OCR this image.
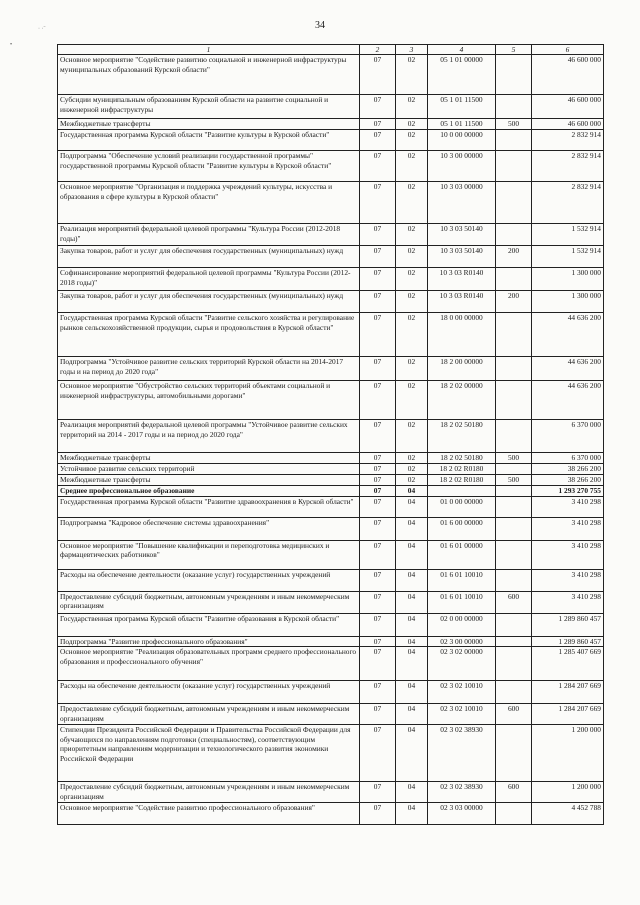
34
· ·ˉ
•	1	2	3	4	5	6
Основное мероприятие "Содействие развитию социальной и инженерной инфраструктуры муниципальных образований Курской области"	07	02	05 1 01 00000		46 600 000
Субсидии муниципальным образованиям Курской области на развитие социальной и инженерной инфраструктуры	07	02	05 1 01 11500		46 600 000
Межбюджетные трансферты	07	02	05 1 01 11500	500	46 600 000
Государственная программа Курской области "Развитие культуры в Курской области"	07	02	10 0 00 00000		2 832 914
Подпрограмма "Обеспечение условий реализации государственной программы" государственной программы Курской области "Развитие культуры в Курской области"	07	02	10 3 00 00000		2 832 914
Основное мероприятие "Организация и поддержка учреждений культуры, искусства и образования в сфере культуры в Курской области"	07	02	10 3 03 00000		2 832 914
Реализация мероприятий федеральной целевой программы "Культура России (2012-2018 годы)"	07	02	10 3 03 50140		1 532 914
Закупка товаров, работ и услуг для обеспечения государственных (муниципальных) нужд	07	02	10 3 03 50140	200	1 532 914
Софинансирование мероприятий федеральной целевой программы "Культура России (2012-2018 годы)"	07	02	10 3 03 R0140		1 300 000
Закупка товаров, работ и услуг для обеспечения государственных (муниципальных) нужд	07	02	10 3 03 R0140	200	1 300 000
Государственная программа Курской области "Развитие сельского хозяйства и регулирование рынков сельскохозяйственной продукции, сырья и продовольствия в Курской области"	07	02	18 0 00 00000		44 636 200
Подпрограмма "Устойчивое развитие сельских территорий Курской области на 2014-2017 годы и на период до 2020 года"	07	02	18 2 00 00000		44 636 200
Основное мероприятие "Обустройство сельских территорий объектами социальной и инженерной инфраструктуры, автомобильными дорогами"	07	02	18 2 02 00000		44 636 200
Реализация мероприятий федеральной целевой программы "Устойчивое развитие сельских территорий на 2014 - 2017 годы и на период до 2020 года"	07	02	18 2 02 50180		6 370 000
Межбюджетные трансферты	07	02	18 2 02 50180	500	6 370 000
Устойчивое развитие сельских территорий	07	02	18 2 02 R0180		38 266 200
Межбюджетные трансферты	07	02	18 2 02 R0180	500	38 266 200
Среднее профессиональное образование	07	04			1 293 270 755
Государственная программа Курской области "Развитие здравоохранения в Курской области"	07	04	01 0 00 00000		3 410 298
Подпрограмма "Кадровое обеспечение системы здравоохранения"	07	04	01 6 00 00000		3 410 298
Основное мероприятие "Повышение квалификации и переподготовка медицинских и фармацевтических работников"	07	04	01 6 01 00000		3 410 298
Расходы на обеспечение деятельности (оказание услуг) государственных учреждений	07	04	01 6 01 10010		3 410 298
Предоставление субсидий бюджетным, автономным учреждениям и иным некоммерческим организациям	07	04	01 6 01 10010	600	3 410 298
Государственная программа Курской области "Развитие образования в Курской области"	07	04	02 0 00 00000		1 289 860 457
Подпрограмма "Развитие профессионального образования"	07	04	02 3 00 00000		1 289 860 457
Основное мероприятие "Реализация образовательных программ среднего профессионального образования и профессионального обучения"	07	04	02 3 02 00000		1 285 407 669
Расходы на обеспечение деятельности (оказание услуг) государственных учреждений	07	04	02 3 02 10010		1 284 207 669
Предоставление субсидий бюджетным, автономным учреждениям и иным некоммерческим организациям	07	04	02 3 02 10010	600	1 284 207 669
Стипендии Президента Российской Федерации и Правительства Российской Федерации для обучающихся по направлениям подготовки (специальностям), соответствующим приоритетным направлениям модернизации и технологического развития экономики Российской Федерации	07	04	02 3 02 38930		1 200 000
Предоставление субсидий бюджетным, автономным учреждениям и иным некоммерческим организациям	07	04	02 3 02 38930	600	1 200 000
Основное мероприятие "Содействие развитию профессионального образования"	07	04	02 3 03 00000		4 452 788
